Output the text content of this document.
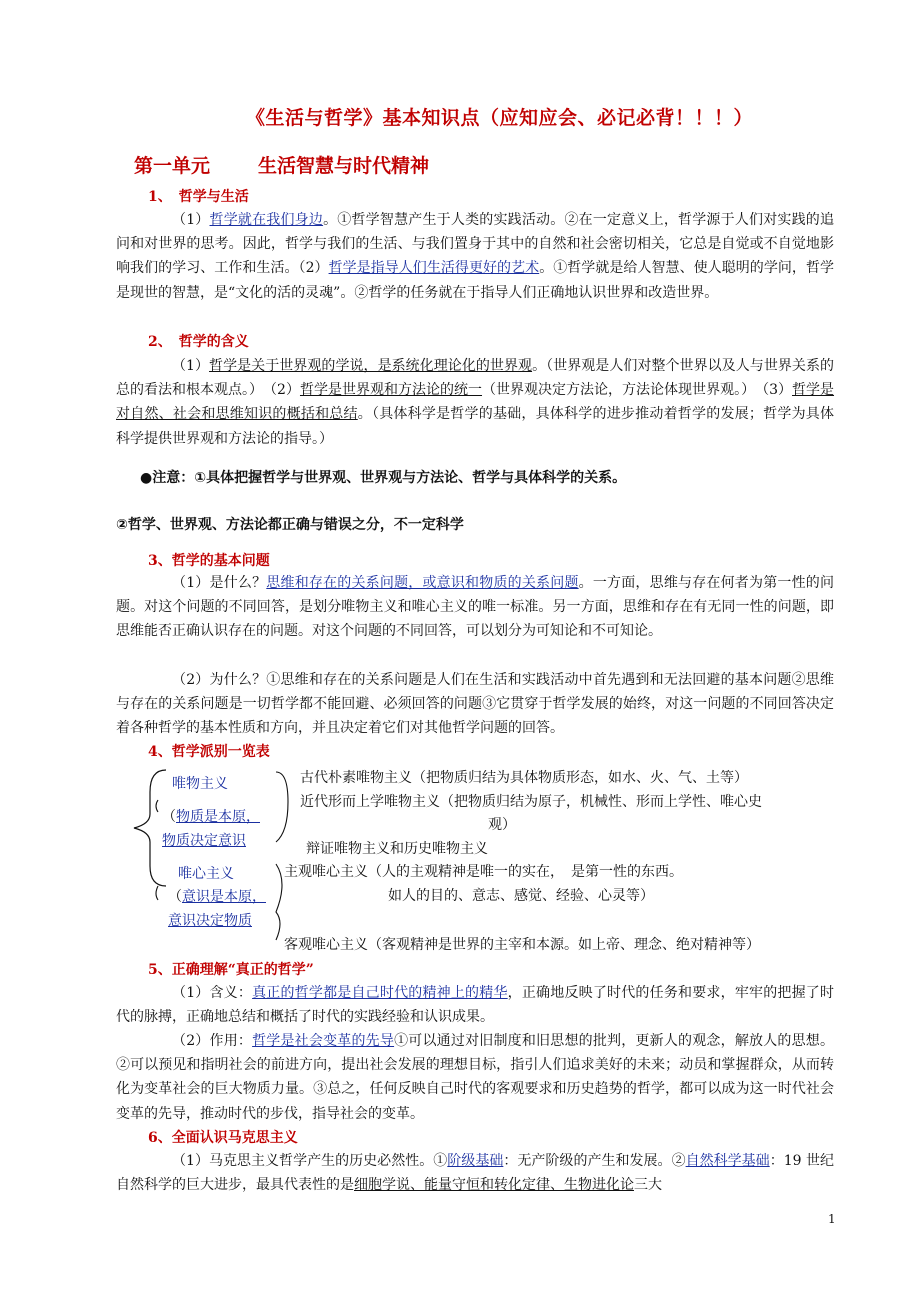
《生活与哲学》基本知识点（应知应会、必记必背！！！）
第一单元	生活智慧与时代精神
1、　哲学与生活
（1）哲学就在我们身边。①哲学智慧产生于人类的实践活动。②在一定意义上，哲学源于人们对实践的追问和对世界的思考。因此，哲学与我们的生活、与我们置身于其中的自然和社会密切相关，它总是自觉或不自觉地影响我们的学习、工作和生活。（2）哲学是指导人们生活得更好的艺术。①哲学就是给人智慧、使人聪明的学问，哲学是现世的智慧，是“文化的活的灵魂”。②哲学的任务就在于指导人们正确地认识世界和改造世界。
2、　哲学的含义
（1）哲学是关于世界观的学说，是系统化理论化的世界观。（世界观是人们对整个世界以及人与世界关系的总的看法和根本观点。）　（2）哲学是世界观和方法论的统一（世界观决定方法论，方法论体现世界观。）　（3）哲学是对自然、社会和思维知识的概括和总结。（具体科学是哲学的基础，具体科学的进步推动着哲学的发展；哲学为具体科学提供世界观和方法论的指导。）
●注意：①具体把握哲学与世界观、世界观与方法论、哲学与具体科学的关系。
②哲学、世界观、方法论都正确与错误之分，不一定科学
3、哲学的基本问题
（1）是什么？思维和存在的关系问题，或意识和物质的关系问题。一方面，思维与存在何者为第一性的问题。对这个问题的不同回答，是划分唯物主义和唯心主义的唯一标准。另一方面，思维和存在有无同一性的问题，即思维能否正确认识存在的问题。对这个问题的不同回答，可以划分为可知论和不可知论。
（2）为什么？①思维和存在的关系问题是人们在生活和实践活动中首先遇到和无法回避的基本问题②思维与存在的关系问题是一切哲学都不能回避、必须回答的问题③它贯穿于哲学发展的始终，对这一问题的不同回答决定着各种哲学的基本性质和方向，并且决定着它们对其他哲学问题的回答。
4、哲学派别一览表
唯物主义
（物质是本原，
物质决定意识
古代朴素唯物主义（把物质归结为具体物质形态，如水、火、气、土等）
近代形而上学唯物主义（把物质归结为原子，机械性、形而上学性、唯心史
观）
辩证唯物主义和历史唯物主义
唯心主义
（意识是本原，
意识决定物质
主观唯心主义（人的主观精神是唯一的实在，　是第一性的东西。
如人的目的、意志、感觉、经验、心灵等）
客观唯心主义（客观精神是世界的主宰和本源。如上帝、理念、绝对精神等）
5、正确理解“真正的哲学”
（1）含义：真正的哲学都是自己时代的精神上的精华，正确地反映了时代的任务和要求，牢牢的把握了时代的脉搏，正确地总结和概括了时代的实践经验和认识成果。
（2）作用：哲学是社会变革的先导①可以通过对旧制度和旧思想的批判，更新人的观念，解放人的思想。②可以预见和指明社会的前进方向，提出社会发展的理想目标，指引人们追求美好的未来；动员和掌握群众，从而转化为变革社会的巨大物质力量。③总之，任何反映自己时代的客观要求和历史趋势的哲学，都可以成为这一时代社会变革的先导，推动时代的步伐，指导社会的变革。
6、全面认识马克思主义
（1）马克思主义哲学产生的历史必然性。①阶级基础：无产阶级的产生和发展。②自然科学基础：19 世纪自然科学的巨大进步，最具代表性的是细胞学说、能量守恒和转化定律、生物进化论三大
1
